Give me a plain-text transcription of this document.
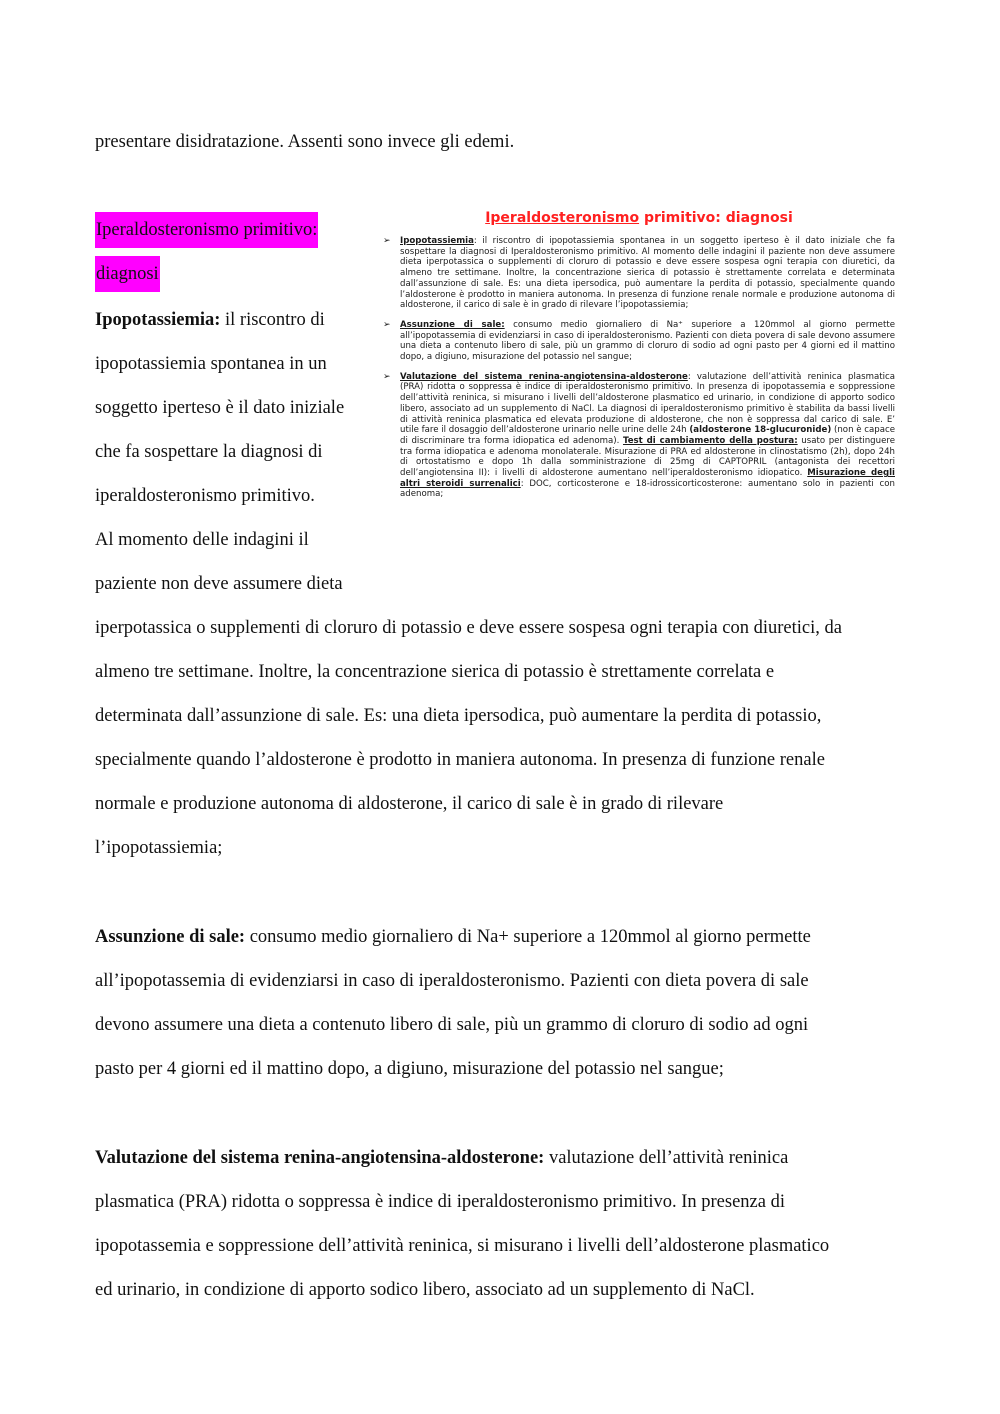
presentare disidratazione. Assenti sono invece gli edemi.
Iperaldosteronismo primitivo:
diagnosi
Ipopotassiemia: il riscontro di
ipopotassiemia spontanea in un
soggetto iperteso è il dato iniziale
che fa sospettare la diagnosi di
iperaldosteronismo primitivo.
Al momento delle indagini il
paziente non deve assumere dieta
iperpotassica o supplementi di cloruro di potassio e deve essere sospesa ogni terapia con diuretici, da
almeno tre settimane. Inoltre, la concentrazione sierica di potassio è strettamente correlata e
determinata dall’assunzione di sale. Es: una dieta ipersodica, può aumentare la perdita di potassio,
specialmente quando l’aldosterone è prodotto in maniera autonoma. In presenza di funzione renale
normale e produzione autonoma di aldosterone, il carico di sale è in grado di rilevare
l’ipopotassiemia;
Assunzione di sale: consumo medio giornaliero di Na+ superiore a 120mmol al giorno permette
all’ipopotassemia di evidenziarsi in caso di iperaldosteronismo. Pazienti con dieta povera di sale
devono assumere una dieta a contenuto libero di sale, più un grammo di cloruro di sodio ad ogni
pasto per 4 giorni ed il mattino dopo, a digiuno, misurazione del potassio nel sangue;
Valutazione del sistema renina‑angiotensina‑aldosterone: valutazione dell’attività reninica
plasmatica (PRA) ridotta o soppressa è indice di iperaldosteronismo primitivo. In presenza di
ipopotassemia e soppressione dell’attività reninica, si misurano i livelli dell’aldosterone plasmatico
ed urinario, in condizione di apporto sodico libero, associato ad un supplemento di NaCl.
Iperaldosteronismo primitivo: diagnosi
➢ Ipopotassiemia: il riscontro di ipopotassiemia spontanea in un soggetto iperteso è il dato iniziale che fa sospettare la diagnosi di Iperaldosteronismo primitivo. Al momento delle indagini il paziente non deve assumere dieta iperpotassica o supplementi di cloruro di potassio e deve essere sospesa ogni terapia con diuretici, da almeno tre settimane. Inoltre, la concentrazione sierica di potassio è strettamente correlata e determinata dall’assunzione di sale. Es: una dieta ipersodica, può aumentare la perdita di potassio, specialmente quando l’aldosterone è prodotto in maniera autonoma. In presenza di funzione renale normale e produzione autonoma di aldosterone, il carico di sale è in grado di rilevare l’ipopotassiemia;
➢ Assunzione di sale: consumo medio giornaliero di Na⁺ superiore a 120mmol al giorno permette all’ipopotassemia di evidenziarsi in caso di iperaldosteronismo. Pazienti con dieta povera di sale devono assumere una dieta a contenuto libero di sale, più un grammo di cloruro di sodio ad ogni pasto per 4 giorni ed il mattino dopo, a digiuno, misurazione del potassio nel sangue;
➢ Valutazione del sistema renina-angiotensina-aldosterone: valutazione dell’attività reninica plasmatica (PRA) ridotta o soppressa è indice di iperaldosteronismo primitivo. In presenza di ipopotassemia e soppressione dell’attività reninica, si misurano i livelli dell’aldosterone plasmatico ed urinario, in condizione di apporto sodico libero, associato ad un supplemento di NaCl. La diagnosi di iperaldosteronismo primitivo è stabilita da bassi livelli di attività reninica plasmatica ed elevata produzione di aldosterone, che non è soppressa dal carico di sale. E’ utile fare il dosaggio dell’aldosterone urinario nelle urine delle 24h (aldosterone 18-glucuronide) (non è capace di discriminare tra forma idiopatica ed adenoma). Test di cambiamento della postura: usato per distinguere tra forma idiopatica e adenoma monolaterale. Misurazione di PRA ed aldosterone in clinostatismo (2h), dopo 24h di ortostatismo e dopo 1h dalla somministrazione di 25mg di CAPTOPRIL (antagonista dei recettori dell’angiotensina II): i livelli di aldosterone aumentano nell’iperaldosteronismo idiopatico. Misurazione degli altri steroidi surrenalici: DOC, corticosterone e 18-idrossicorticosterone: aumentano solo in pazienti con adenoma;
